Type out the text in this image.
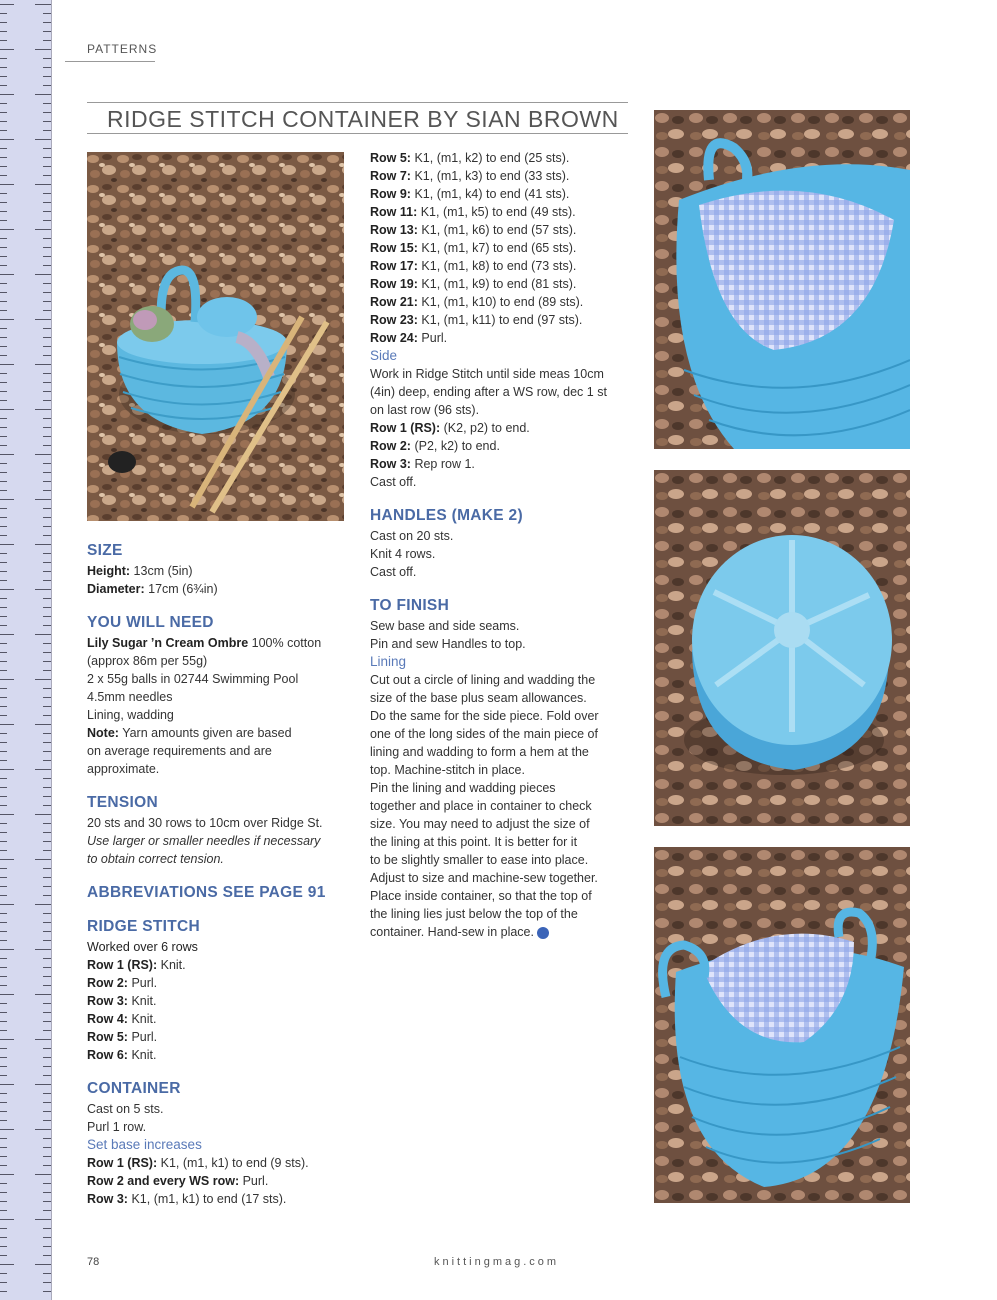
PATTERNS
RIDGE STITCH CONTAINER BY SIAN BROWN
SIZE

Height: 13cm (5in)

Diameter: 17cm (6¾in)

YOU WILL NEED

Lily Sugar ’n Cream Ombre 100% cotton

(approx 86m per 55g)

2 x 55g balls in 02744 Swimming Pool

4.5mm needles

Lining, wadding

Note: Yarn amounts given are based

on average requirements and are

approximate.

TENSION

20 sts and 30 rows to 10cm over Ridge St.

Use larger or smaller needles if necessary

to obtain correct tension.

ABBREVIATIONS SEE PAGE 91
RIDGE STITCH

Worked over 6 rows

Row 1 (RS): Knit.

Row 2: Purl.

Row 3: Knit.

Row 4: Knit.

Row 5: Purl.

Row 6: Knit.

CONTAINER

Cast on 5 sts.

Purl 1 row.

Set base increases

Row 1 (RS): K1, (m1, k1) to end (9 sts).

Row 2 and every WS row: Purl.

Row 3: K1, (m1, k1) to end (17 sts).

Row 5: K1, (m1, k2) to end (25 sts).

Row 7: K1, (m1, k3) to end (33 sts).

Row 9: K1, (m1, k4) to end (41 sts).

Row 11: K1, (m1, k5) to end (49 sts).

Row 13: K1, (m1, k6) to end (57 sts).

Row 15: K1, (m1, k7) to end (65 sts).

Row 17: K1, (m1, k8) to end (73 sts).

Row 19: K1, (m1, k9) to end (81 sts).

Row 21: K1, (m1, k10) to end (89 sts).

Row 23: K1, (m1, k11) to end (97 sts).

Row 24: Purl.

Side

Work in Ridge Stitch until side meas 10cm

(4in) deep, ending after a WS row, dec 1 st

on last row (96 sts).

Row 1 (RS): (K2, p2) to end.

Row 2: (P2, k2) to end.

Row 3: Rep row 1.

Cast off.

HANDLES (MAKE 2)

Cast on 20 sts.

Knit 4 rows.

Cast off.

TO FINISH

Sew base and side seams.

Pin and sew Handles to top.

Lining

Cut out a circle of lining and wadding the

size of the base plus seam allowances.

Do the same for the side piece. Fold over

one of the long sides of the main piece of

lining and wadding to form a hem at the

top. Machine-stitch in place.

Pin the lining and wadding pieces

together and place in container to check

size. You may need to adjust the size of

the lining at this point. It is better for it

to be slightly smaller to ease into place.

Adjust to size and machine-sew together.

Place inside container, so that the top of

the lining lies just below the top of the

container. Hand-sew in place.

78	knittingmag.com
